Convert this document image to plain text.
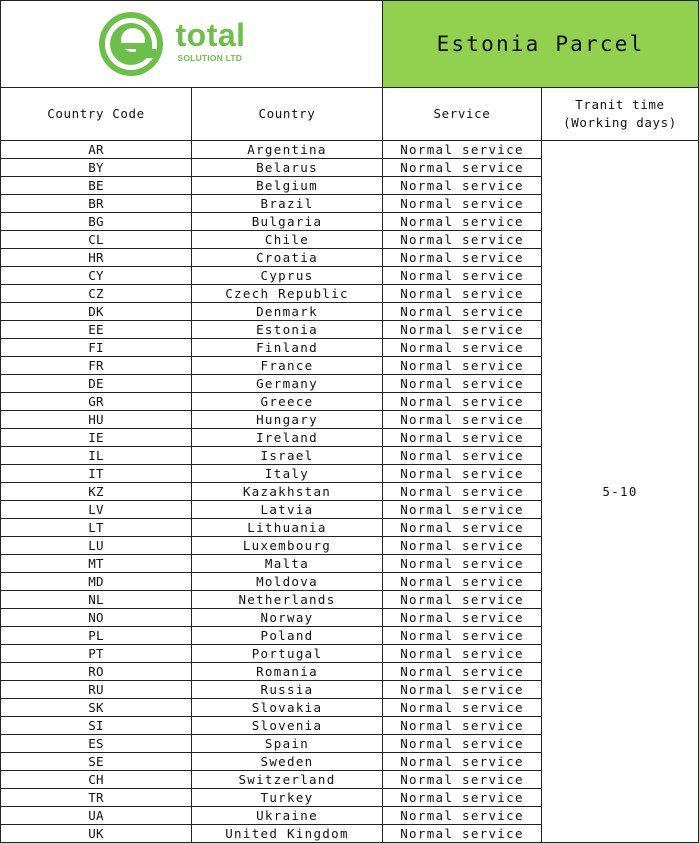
total
SOLUTION LTD		Estonia Parcel	
Country Code	Country	Service	Tranit time
(Working days)

AR	Argentina	Normal service	5-10
BY	Belarus	Normal service	
BE	Belgium	Normal service	
BR	Brazil	Normal service	
BG	Bulgaria	Normal service	
CL	Chile	Normal service	
HR	Croatia	Normal service	
CY	Cyprus	Normal service	
CZ	Czech Republic	Normal service	
DK	Denmark	Normal service	
EE	Estonia	Normal service	
FI	Finland	Normal service	
FR	France	Normal service	
DE	Germany	Normal service	
GR	Greece	Normal service	
HU	Hungary	Normal service	
IE	Ireland	Normal service	
IL	Israel	Normal service	
IT	Italy	Normal service	
KZ	Kazakhstan	Normal service	
LV	Latvia	Normal service	
LT	Lithuania	Normal service	
LU	Luxembourg	Normal service	
MT	Malta	Normal service	
MD	Moldova	Normal service	
NL	Netherlands	Normal service	
NO	Norway	Normal service	
PL	Poland	Normal service	
PT	Portugal	Normal service	
RO	Romania	Normal service	
RU	Russia	Normal service	
SK	Slovakia	Normal service	
SI	Slovenia	Normal service	
ES	Spain	Normal service	
SE	Sweden	Normal service	
CH	Switzerland	Normal service	
TR	Turkey	Normal service	
UA	Ukraine	Normal service	
UK	United Kingdom	Normal service	
